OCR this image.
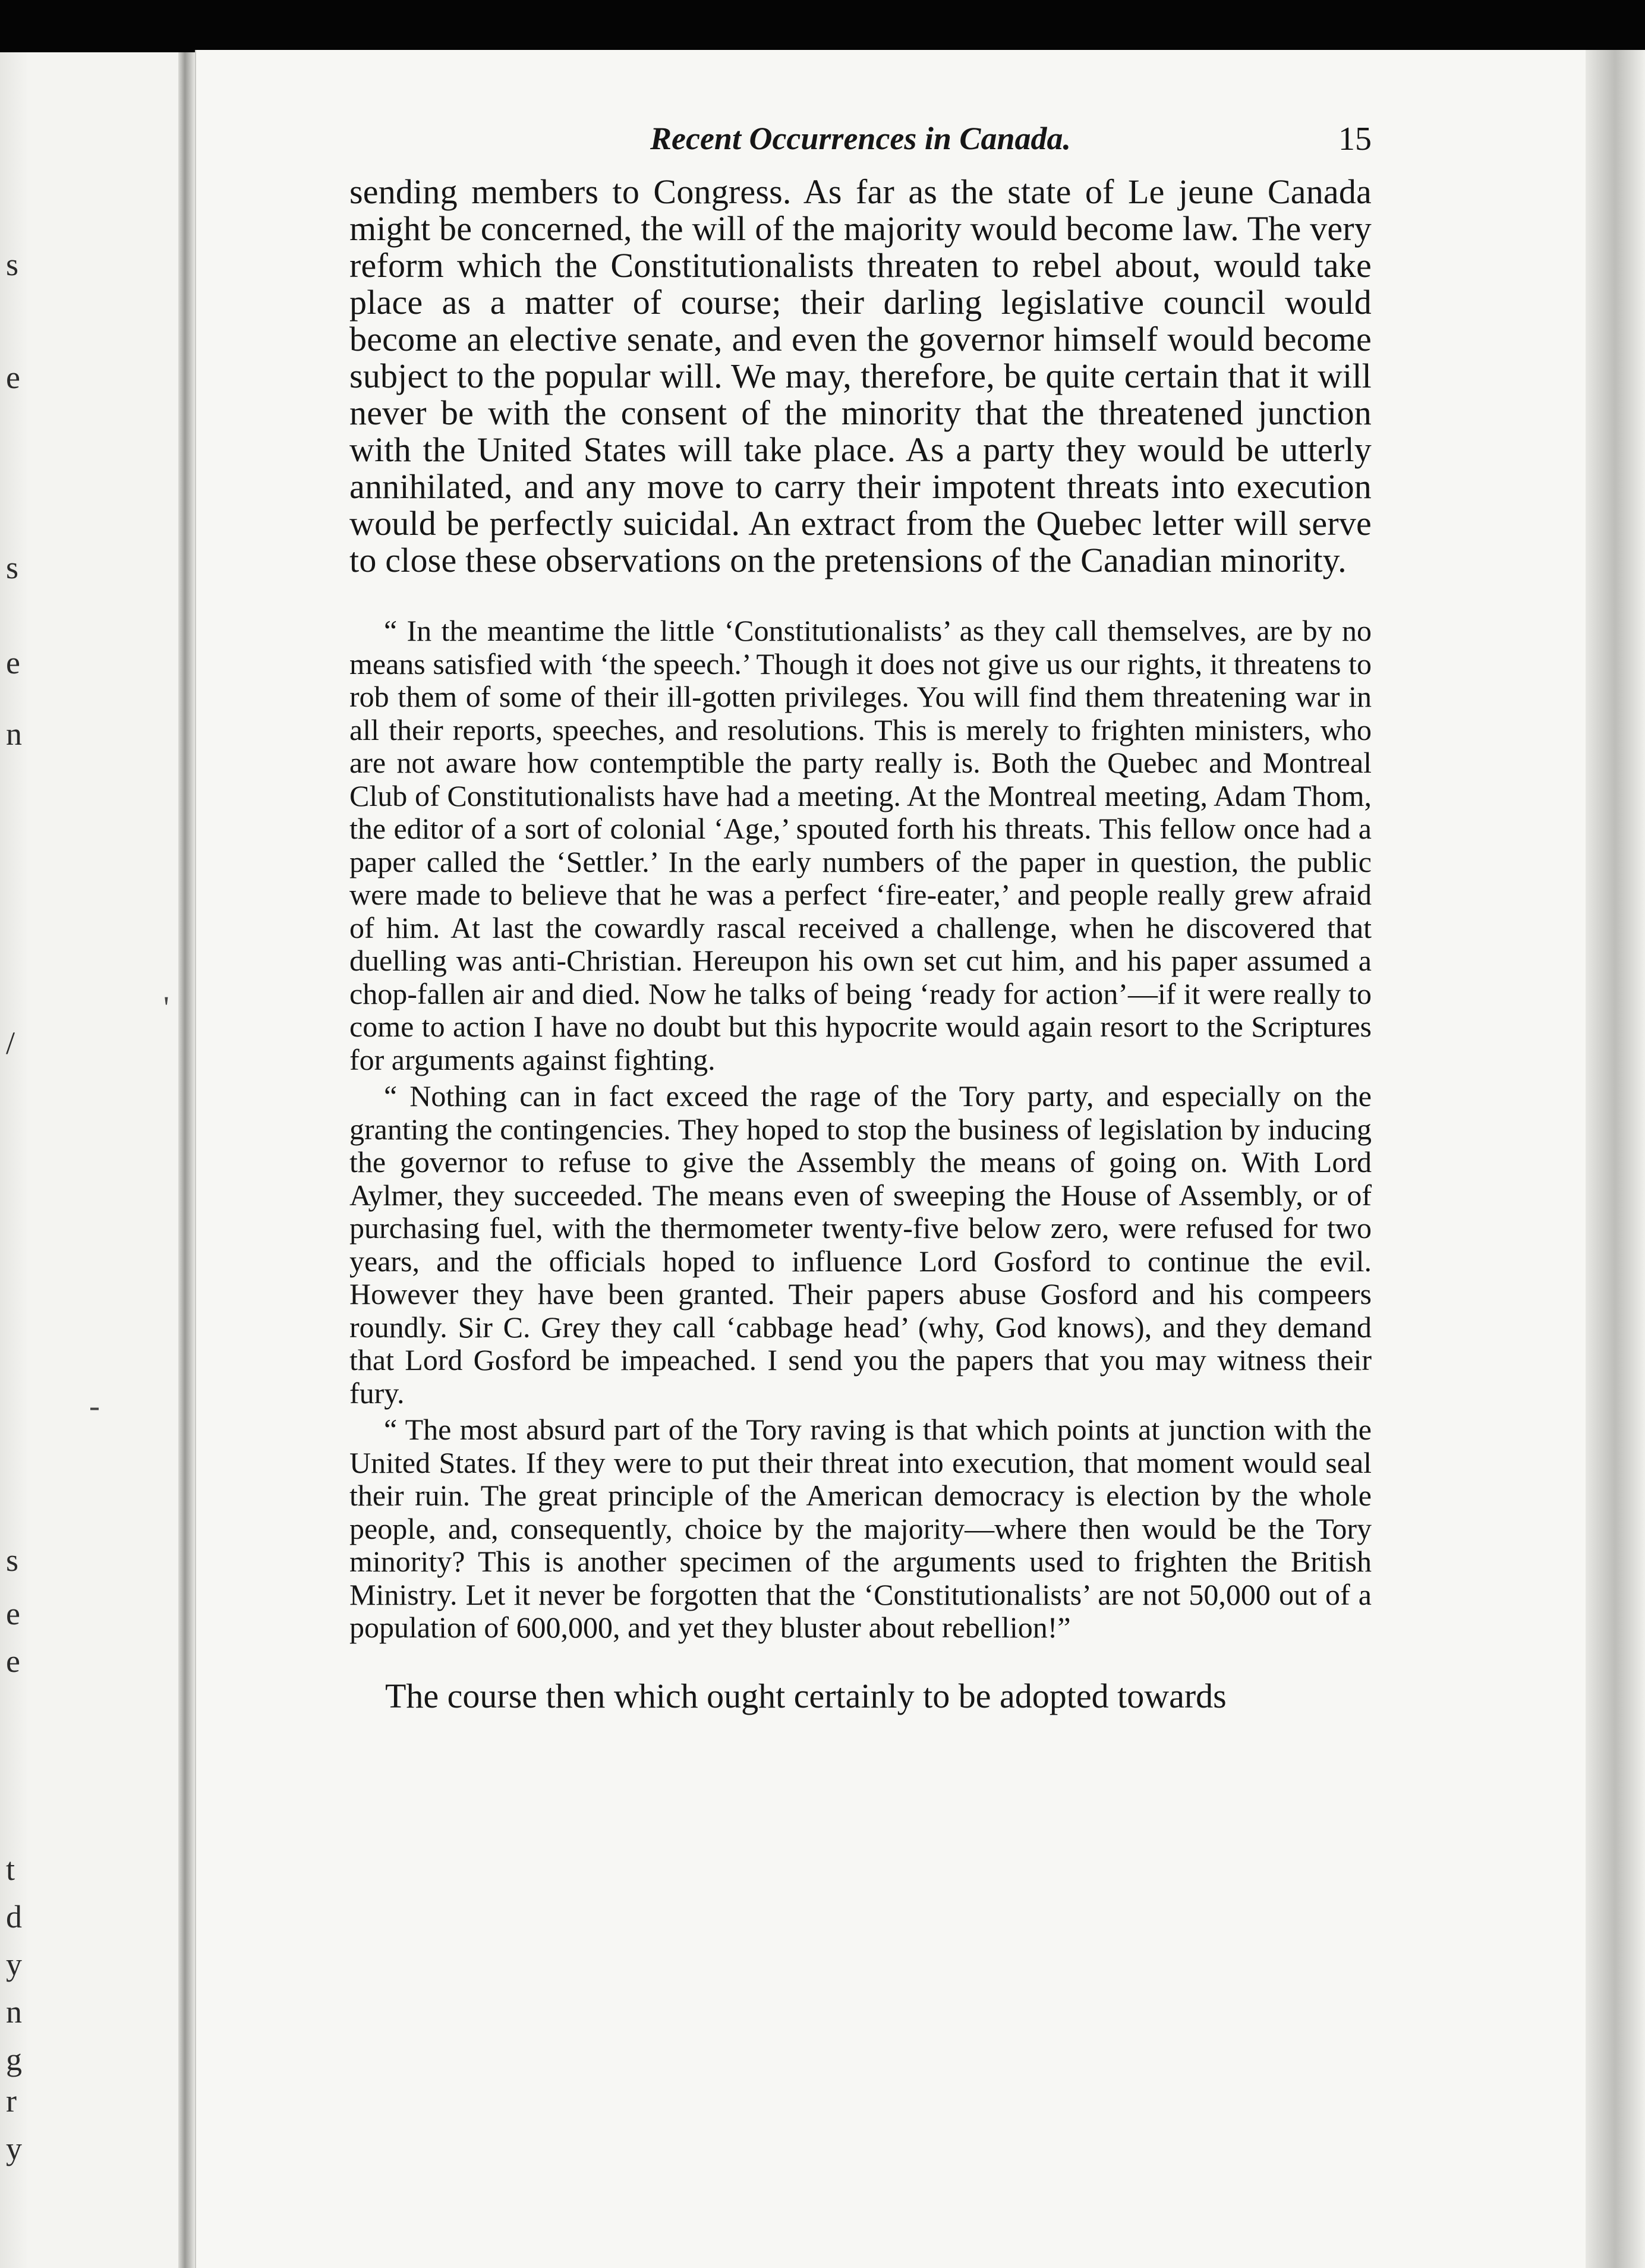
s
e
s
e
n
/
s
e
e
t
d
y
n
g
r
y
'
-
Recent Occurrences in Canada.	15

sending members to Congress. As far as the state of Le jeune Canada might be concerned, the will of the majority would become law. The very reform which the Constitutionalists threaten to rebel about, would take place as a matter of course; their darling legislative council would become an elective senate, and even the governor himself would become subject to the popular will. We may, therefore, be quite certain that it will never be with the consent of the minority that the threatened junction with the United States will take place. As a party they would be utterly annihilated, and any move to carry their impotent threats into execution would be perfectly suicidal. An extract from the Quebec letter will serve to close these observations on the pretensions of the Canadian minority.

“ In the meantime the little ‘Constitutionalists’ as they call themselves, are by no means satisfied with ‘the speech.’ Though it does not give us our rights, it threatens to rob them of some of their ill-gotten privileges. You will find them threatening war in all their reports, speeches, and resolutions. This is merely to frighten ministers, who are not aware how contemptible the party really is. Both the Quebec and Montreal Club of Constitutionalists have had a meeting. At the Montreal meeting, Adam Thom, the editor of a sort of colonial ‘Age,’ spouted forth his threats. This fellow once had a paper called the ‘Settler.’ In the early numbers of the paper in question, the public were made to believe that he was a perfect ‘fire-eater,’ and people really grew afraid of him. At last the cowardly rascal received a challenge, when he discovered that duelling was anti-Christian. Hereupon his own set cut him, and his paper assumed a chop-fallen air and died. Now he talks of being ‘ready for action’—if it were really to come to action I have no doubt but this hypocrite would again resort to the Scriptures for arguments against fighting.

“ Nothing can in fact exceed the rage of the Tory party, and especially on the granting the contingencies. They hoped to stop the business of legislation by inducing the governor to refuse to give the Assembly the means of going on. With Lord Aylmer, they succeeded. The means even of sweeping the House of Assembly, or of purchasing fuel, with the thermometer twenty-five below zero, were refused for two years, and the officials hoped to influence Lord Gosford to continue the evil. However they have been granted. Their papers abuse Gosford and his compeers roundly. Sir C. Grey they call ‘cabbage head’ (why, God knows), and they demand that Lord Gosford be impeached. I send you the papers that you may witness their fury.

“ The most absurd part of the Tory raving is that which points at junction with the United States. If they were to put their threat into execution, that moment would seal their ruin. The great principle of the American democracy is election by the whole people, and, consequently, choice by the majority—where then would be the Tory minority? This is another specimen of the arguments used to frighten the British Ministry. Let it never be forgotten that the ‘Constitutionalists’ are not 50,000 out of a population of 600,000, and yet they bluster about rebellion!”

The course then which ought certainly to be adopted towards
